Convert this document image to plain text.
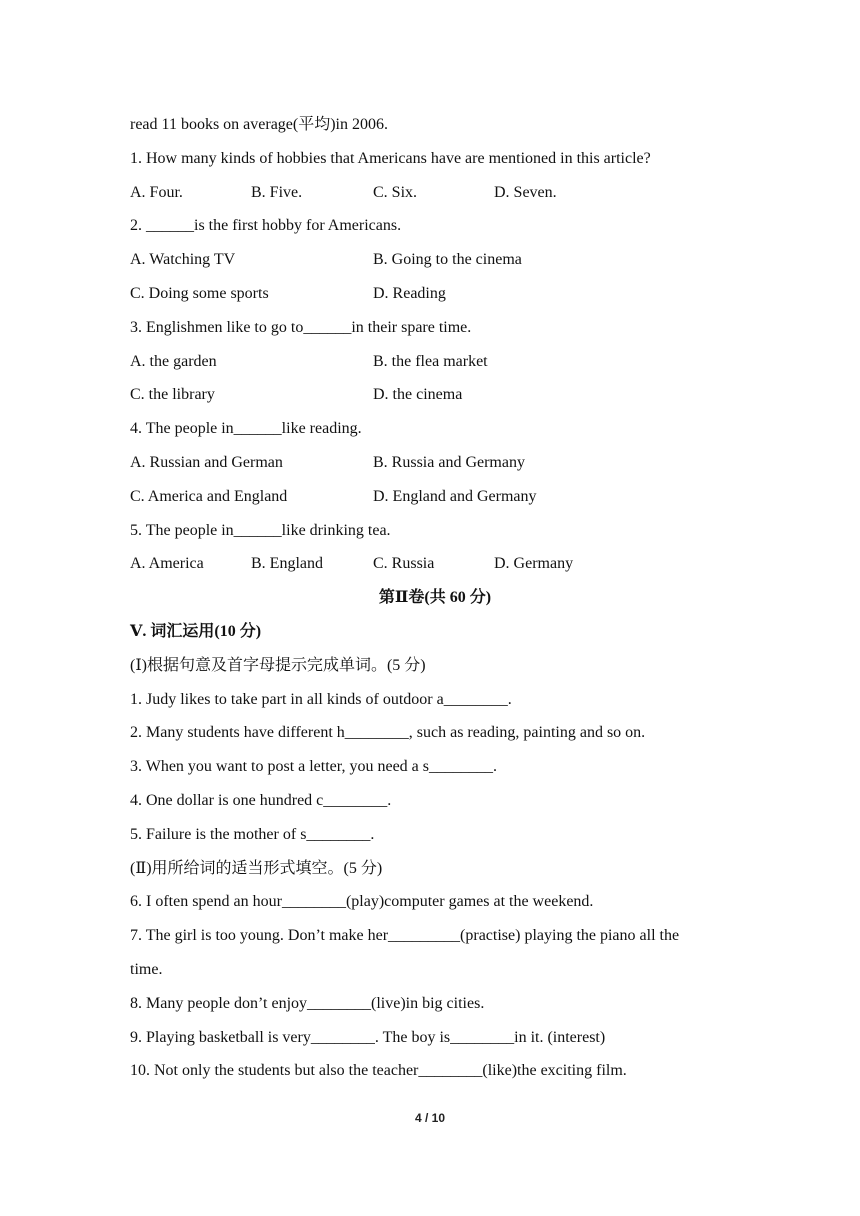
read 11 books on average(平均)in 2006.
1. How many kinds of hobbies that Americans have are mentioned in this article?
A. Four.	B. Five.	C. Six.	D. Seven.
2. ______is the first hobby for Americans.
A. Watching TV	B. Going to the cinema
C. Doing some sports	D. Reading
3. Englishmen like to go to______in their spare time.
A. the garden	B. the flea market
C. the library	D. the cinema
4. The people in______like reading.
A. Russian and German	B. Russia and Germany
C. America and England	D. England and Germany
5. The people in______like drinking tea.
A. America	B. England	C. Russia	D. Germany
第Ⅱ卷(共 60 分)
Ⅴ. 词汇运用(10 分)
(Ⅰ)根据句意及首字母提示完成单词。(5 分)
1. Judy likes to take part in all kinds of outdoor a________.
2. Many students have different h________, such as reading, painting and so on.
3. When you want to post a letter, you need a s________.
4. One dollar is one hundred c________.
5. Failure is the mother of s________.
(Ⅱ)用所给词的适当形式填空。(5 分)
6. I often spend an hour________(play)computer games at the weekend.
7. The girl is too young. Don’t make her_________(practise) playing the piano all the
time.
8. Many people don’t enjoy________(live)in big cities.
9. Playing basketball is very________. The boy is________in it. (interest)
10. Not only the students but also the teacher________(like)the exciting film.
4 / 10
